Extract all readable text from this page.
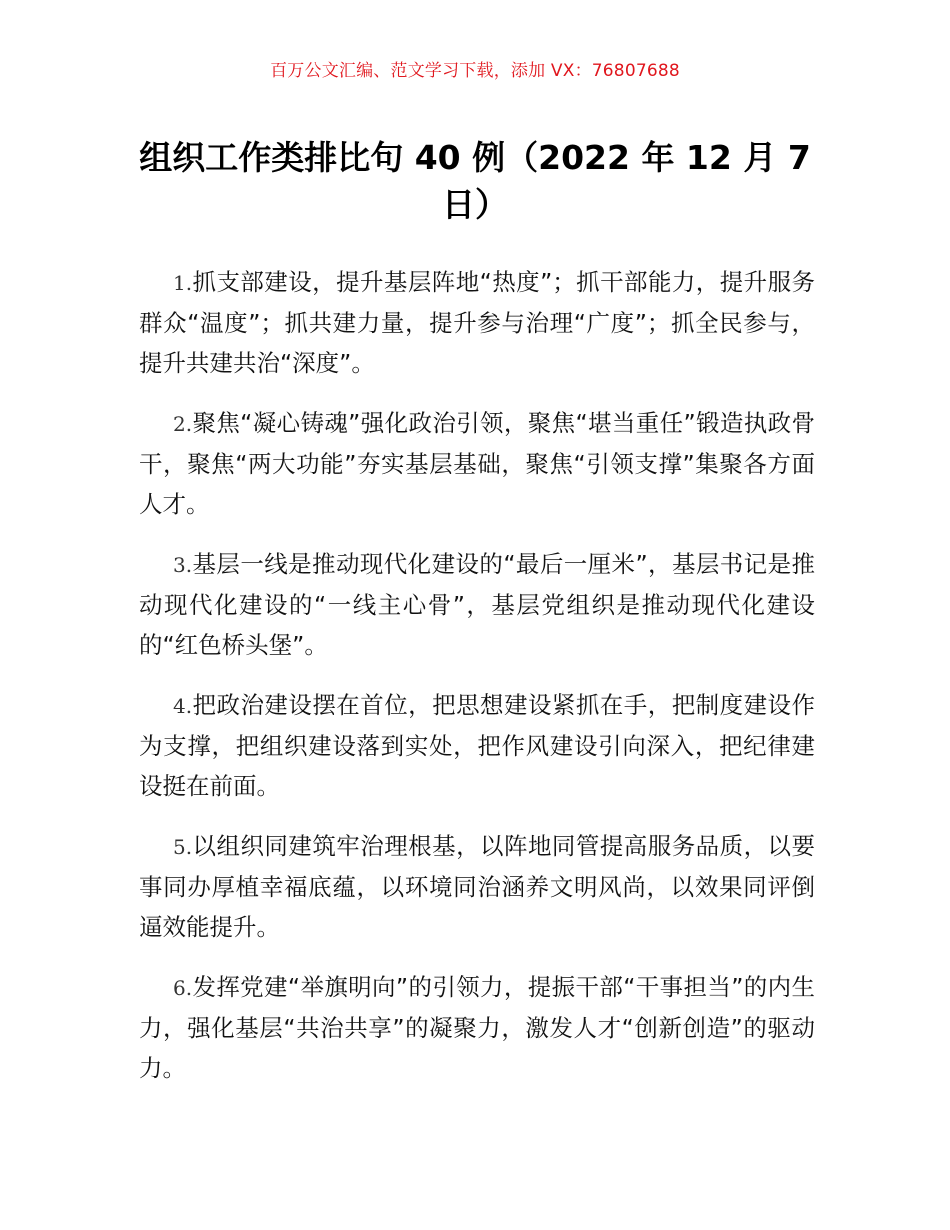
百万公文汇编、范文学习下载，添加 VX：76807688
组织工作类排比句 40 例（2022 年 12 月 7 日）

1.抓支部建设，提升基层阵地“热度”；抓干部能力，提升服务群众“温度”；抓共建力量，提升参与治理“广度”；抓全民参与，提升共建共治“深度”。

2.聚焦“凝心铸魂”强化政治引领，聚焦“堪当重任”锻造执政骨干，聚焦“两大功能”夯实基层基础，聚焦“引领支撑”集聚各方面人才。

3.基层一线是推动现代化建设的“最后一厘米”，基层书记是推动现代化建设的“一线主心骨”，基层党组织是推动现代化建设的“红色桥头堡”。

4.把政治建设摆在首位，把思想建设紧抓在手，把制度建设作为支撑，把组织建设落到实处，把作风建设引向深入，把纪律建设挺在前面。

5.以组织同建筑牢治理根基，以阵地同管提高服务品质，以要事同办厚植幸福底蕴，以环境同治涵养文明风尚，以效果同评倒逼效能提升。

6.发挥党建“举旗明向”的引领力，提振干部“干事担当”的内生力，强化基层“共治共享”的凝聚力，激发人才“创新创造”的驱动力。
